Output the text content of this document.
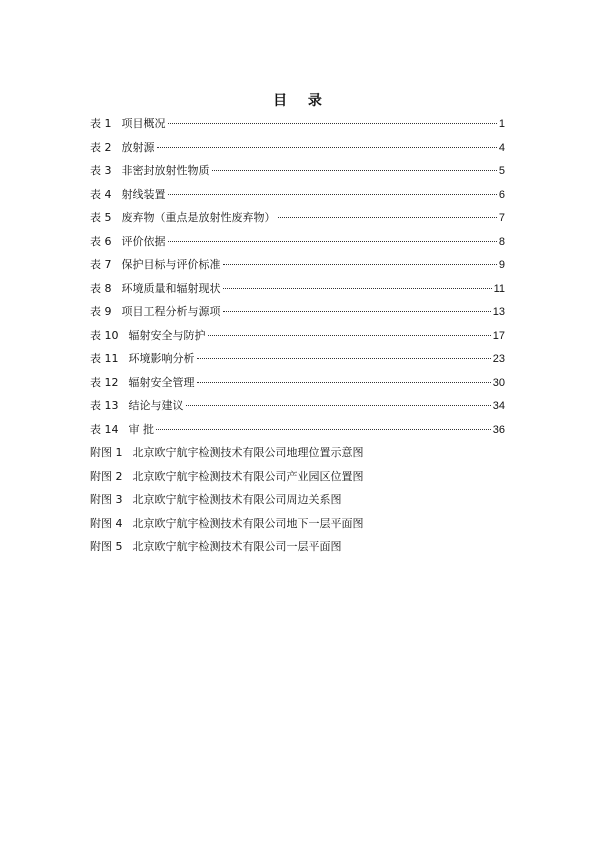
目 录
表 1 项目概况	1
表 2 放射源	4
表 3 非密封放射性物质	5
表 4 射线装置	6
表 5 废弃物（重点是放射性废弃物）	7
表 6 评价依据	8
表 7 保护目标与评价标准	9
表 8 环境质量和辐射现状	11
表 9 项目工程分析与源项	13
表 10 辐射安全与防护	17
表 11 环境影响分析	23
表 12 辐射安全管理	30
表 13 结论与建议	34
表 14 审 批	36
附图 1 北京欧宁航宇检测技术有限公司地理位置示意图
附图 2 北京欧宁航宇检测技术有限公司产业园区位置图
附图 3 北京欧宁航宇检测技术有限公司周边关系图
附图 4 北京欧宁航宇检测技术有限公司地下一层平面图
附图 5 北京欧宁航宇检测技术有限公司一层平面图
